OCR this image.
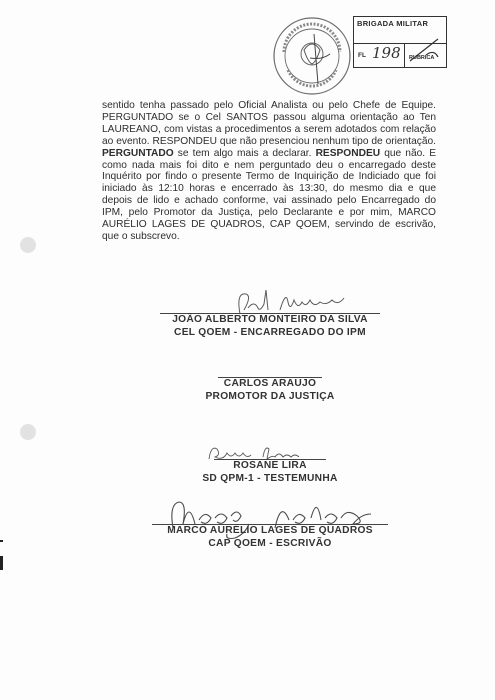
BRIGADA MILITAR
FL 198 RUBRICA

sentido tenha passado pelo Oficial Analista ou pelo Chefe de Equipe. PERGUNTADO se o Cel SANTOS passou alguma orientação ao Ten LAUREANO, com vistas a procedimentos a serem adotados com relação ao evento. RESPONDEU que não presenciou nenhum tipo de orientação. PERGUNTADO se tem algo mais a declarar. RESPONDEU que não. E como nada mais foi dito e nem perguntado deu o encarregado deste Inquérito por findo o presente Termo de Inquirição de Indiciado que foi iniciado às 12:10 horas e encerrado às 13:30, do mesmo dia e que depois de lido e achado conforme, vai assinado pelo Encarregado do IPM, pelo Promotor da Justiça, pelo Declarante e por mim, MARCO AURÉLIO LAGES DE QUADROS, CAP QOEM, servindo de escrivão, que o subscrevo.

JOÃO ALBERTO MONTEIRO DA SILVA
CEL QOEM - ENCARREGADO DO IPM
CARLOS ARAUJO
PROMOTOR DA JUSTIÇA
ROSANE LIRA
SD QPM-1 - TESTEMUNHA
MARCO AURÉLIO LAGES DE QUADROS
CAP QOEM - ESCRIVÃO
